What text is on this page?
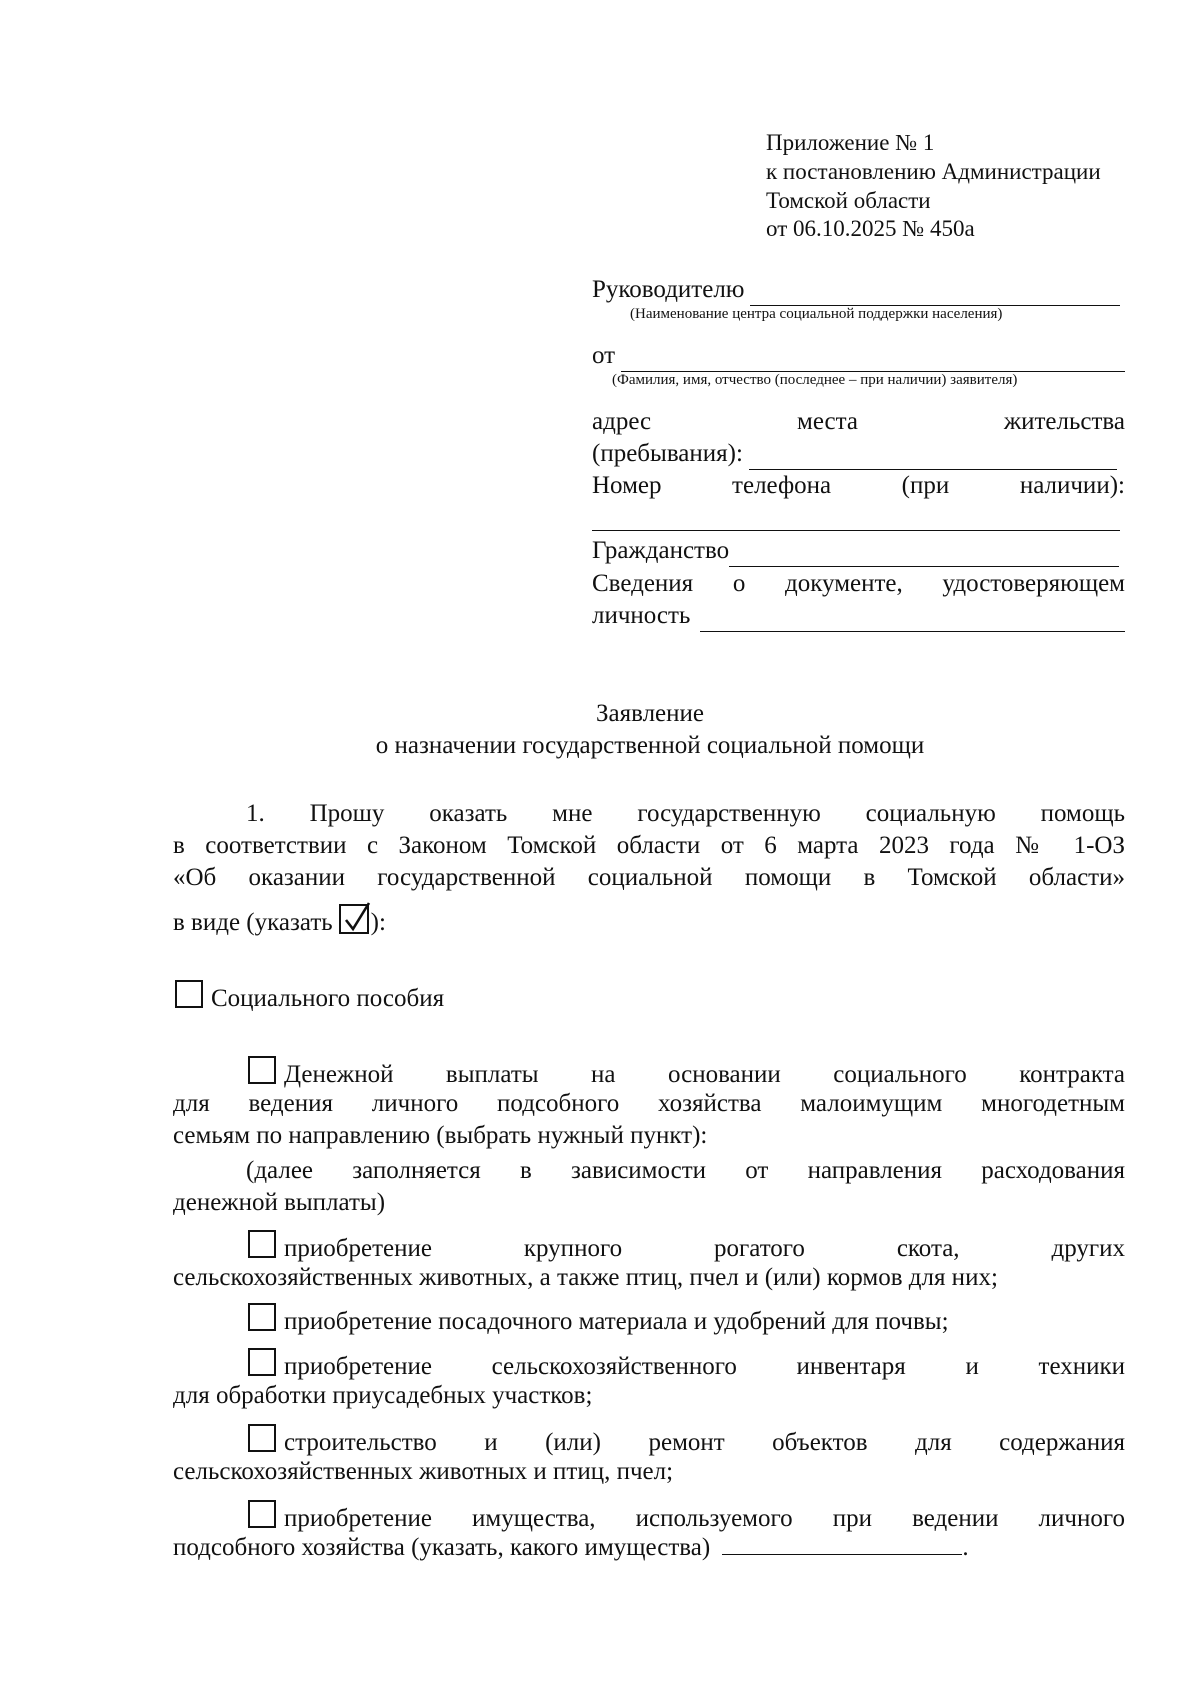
Приложение № 1
к постановлению Администрации
Томской области
от 06.10.2025 № 450а
Руководителю
(Наименование центра социальной поддержки населения)
от
(Фамилия, имя, отчество (последнее – при наличии) заявителя)
адрес	места	жительства
(пребывания):
Номер	телефона	(при	наличии):
Гражданство
Сведения о документе, удостоверяющем
личность
Заявление
о назначении государственной социальной помощи
1. Прошу оказать мне государственную социальную помощь
в соответствии с Законом Томской области от 6 марта 2023 года № 1-ОЗ
«Об оказании государственной социальной помощи в Томской области»
в виде (указать ):
Социального пособия
Денежной выплаты на основании социального контракта
для ведения личного подсобного хозяйства малоимущим многодетным
семьям по направлению (выбрать нужный пункт):
(далее заполняется в зависимости от направления расходования
денежной выплаты)
приобретение крупного рогатого скота, других
сельскохозяйственных животных, а также птиц, пчел и (или) кормов для них;
приобретение посадочного материала и удобрений для почвы;
приобретение сельскохозяйственного инвентаря и техники
для обработки приусадебных участков;
строительство и (или) ремонт объектов для содержания
сельскохозяйственных животных и птиц, пчел;
приобретение имущества, используемого при ведении личного
подсобного хозяйства (указать, какого имущества)	.
